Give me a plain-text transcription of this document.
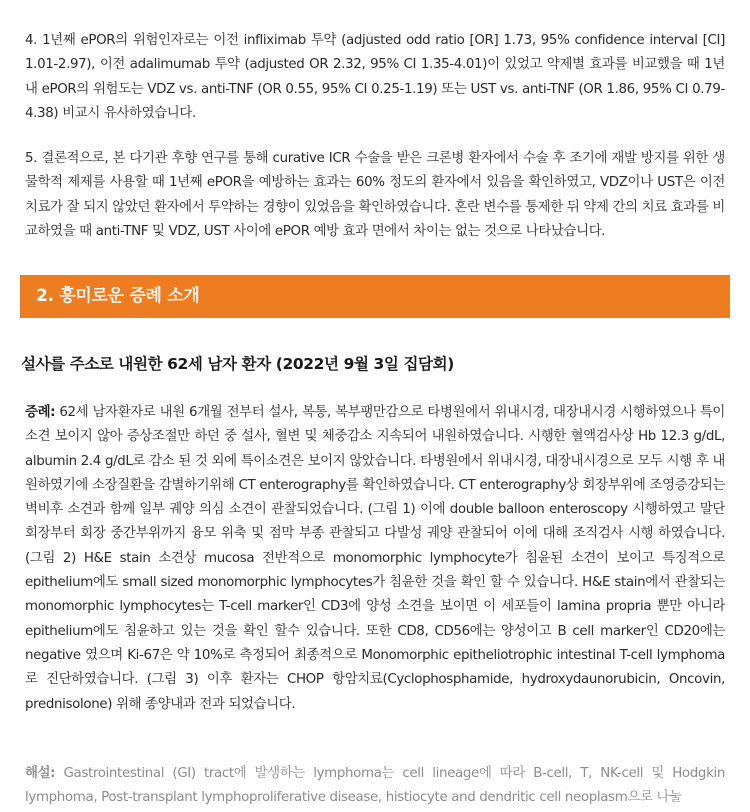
4. 1년째 ePOR의 위험인자로는 이전 infliximab 투약 (adjusted odd ratio [OR] 1.73, 95% confidence interval [CI] 1.01-2.97), 이전 adalimumab 투약 (adjusted OR 2.32, 95% CI 1.35-4.01)이 있었고 약제별 효과를 비교했을 때 1년내 ePOR의 위험도는 VDZ vs. anti-TNF (OR 0.55, 95% CI 0.25-1.19) 또는 UST vs. anti-TNF (OR 1.86, 95% CI 0.79-4.38) 비교시 유사하였습니다.

5. 결론적으로, 본 다기관 후향 연구를 통해 curative ICR 수술을 받은 크론병 환자에서 수술 후 조기에 재발 방지를 위한 생물학적 제제를 사용할 때 1년째 ePOR을 예방하는 효과는 60% 정도의 환자에서 있음을 확인하였고, VDZ이나 UST은 이전 치료가 잘 되지 않았던 환자에서 투약하는 경향이 있었음을 확인하였습니다. 혼란 변수를 통제한 뒤 약제 간의 치료 효과를 비교하였을 때 anti-TNF 및 VDZ, UST 사이에 ePOR 예방 효과 면에서 차이는 없는 것으로 나타났습니다.

2. 흥미로운 증례 소개
설사를 주소로 내원한 62세 남자 환자 (2022년 9월 3일 집담회)

증례: 62세 남자환자로 내원 6개월 전부터 설사, 복통, 복부팽만감으로 타병원에서 위내시경, 대장내시경 시행하였으나 특이소견 보이지 않아 증상조절만 하던 중 설사, 혈변 및 체중감소 지속되어 내원하였습니다. 시행한 혈액검사상 Hb 12.3 g/dL, albumin 2.4 g/dL로 감소 된 것 외에 특이소견은 보이지 않았습니다. 타병원에서 위내시경, 대장내시경으로 모두 시행 후 내원하였기에 소장질환을 감별하기위해 CT enterography를 확인하였습니다. CT enterography상 회장부위에 조영증강되는 벽비후 소견과 함께 일부 궤양 의심 소견이 관찰되었습니다. (그림 1) 이에 double balloon enteroscopy 시행하였고 말단 회장부터 회장 중간부위까지 융모 위축 및 점막 부종 관찰되고 다발성 궤양 관찰되어 이에 대해 조직검사 시행 하였습니다. (그림 2) H&E stain 소견상 mucosa 전반적으로 monomorphic lymphocyte가 침윤된 소견이 보이고 특징적으로 epithelium에도 small sized monomorphic lymphocytes가 침윤한 것을 확인 할 수 있습니다. H&E stain에서 관찰되는 monomorphic lymphocytes는 T-cell marker인 CD3에 양성 소견을 보이면 이 세포들이 lamina propria 뿐만 아니라 epithelium에도 침윤하고 있는 것을 확인 할수 있습니다. 또한 CD8, CD56에는 양성이고 B cell marker인 CD20에는 negative 였으며 Ki-67은 약 10%로 측정되어 최종적으로 Monomorphic epitheliotrophic intestinal T-cell lymphoma로 진단하였습니다. (그림 3) 이후 환자는 CHOP 항암치료(Cyclophosphamide, hydroxydaunorubicin, Oncovin, prednisolone) 위해 종양내과 전과 되었습니다.

해설: Gastrointestinal (GI) tract에 발생하는 lymphoma는 cell lineage에 따라 B-cell, T, NK-cell 및 Hodgkin lymphoma, Post-transplant lymphoproliferative disease, histiocyte and dendritic cell neoplasm으로 나눌
